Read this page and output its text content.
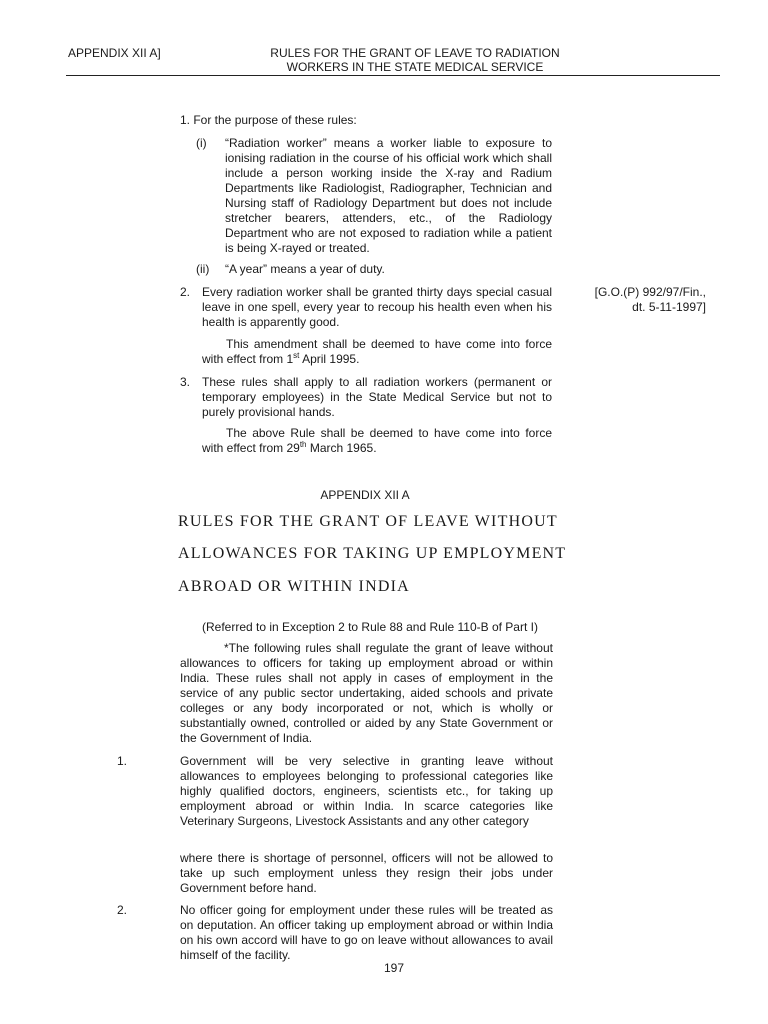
APPENDIX XII A]	RULES FOR THE GRANT OF LEAVE TO RADIATION
WORKERS IN THE STATE MEDICAL SERVICE
1. For the purpose of these rules:
(i) “Radiation worker” means a worker liable to exposure to ionising radiation in the course of his official work which shall include a person working inside the X-ray and Radium Departments like Radiologist, Radiographer, Technician and Nursing staff of Radiology Department but does not include stretcher bearers, attenders, etc., of the Radiology Department who are not exposed to radiation while a patient is being X-rayed or treated.
(ii) “A year” means a year of duty.
2. Every radiation worker shall be granted thirty days special casual leave in one spell, every year to recoup his health even when his health is apparently good.
[G.O.(P) 992/97/Fin.,
dt. 5-11-1997]
This amendment shall be deemed to have come into force with effect from 1st April 1995.
3. These rules shall apply to all radiation workers (permanent or temporary employees) in the State Medical Service but not to purely provisional hands.
The above Rule shall be deemed to have come into force with effect from 29th March 1965.
APPENDIX XII A
RULES FOR THE GRANT OF LEAVE WITHOUT
ALLOWANCES FOR TAKING UP EMPLOYMENT
ABROAD OR WITHIN INDIA
(Referred to in Exception 2 to Rule 88 and Rule 110-B of Part I)
*The following rules shall regulate the grant of leave without allowances to officers for taking up employment abroad or within India. These rules shall not apply in cases of employment in the service of any public sector undertaking, aided schools and private colleges or any body incorporated or not, which is wholly or substantially owned, controlled or aided by any State Government or the Government of India.
1.	Government will be very selective in granting leave without allowances to employees belonging to professional categories like highly qualified doctors, engineers, scientists etc., for taking up employment abroad or within India. In scarce categories like Veterinary Surgeons, Livestock Assistants and any other category
where there is shortage of personnel, officers will not be allowed to take up such employment unless they resign their jobs under Government before hand.
2.	No officer going for employment under these rules will be treated as on deputation. An officer taking up employment abroad or within India on his own accord will have to go on leave without allowances to avail himself of the facility.
197
